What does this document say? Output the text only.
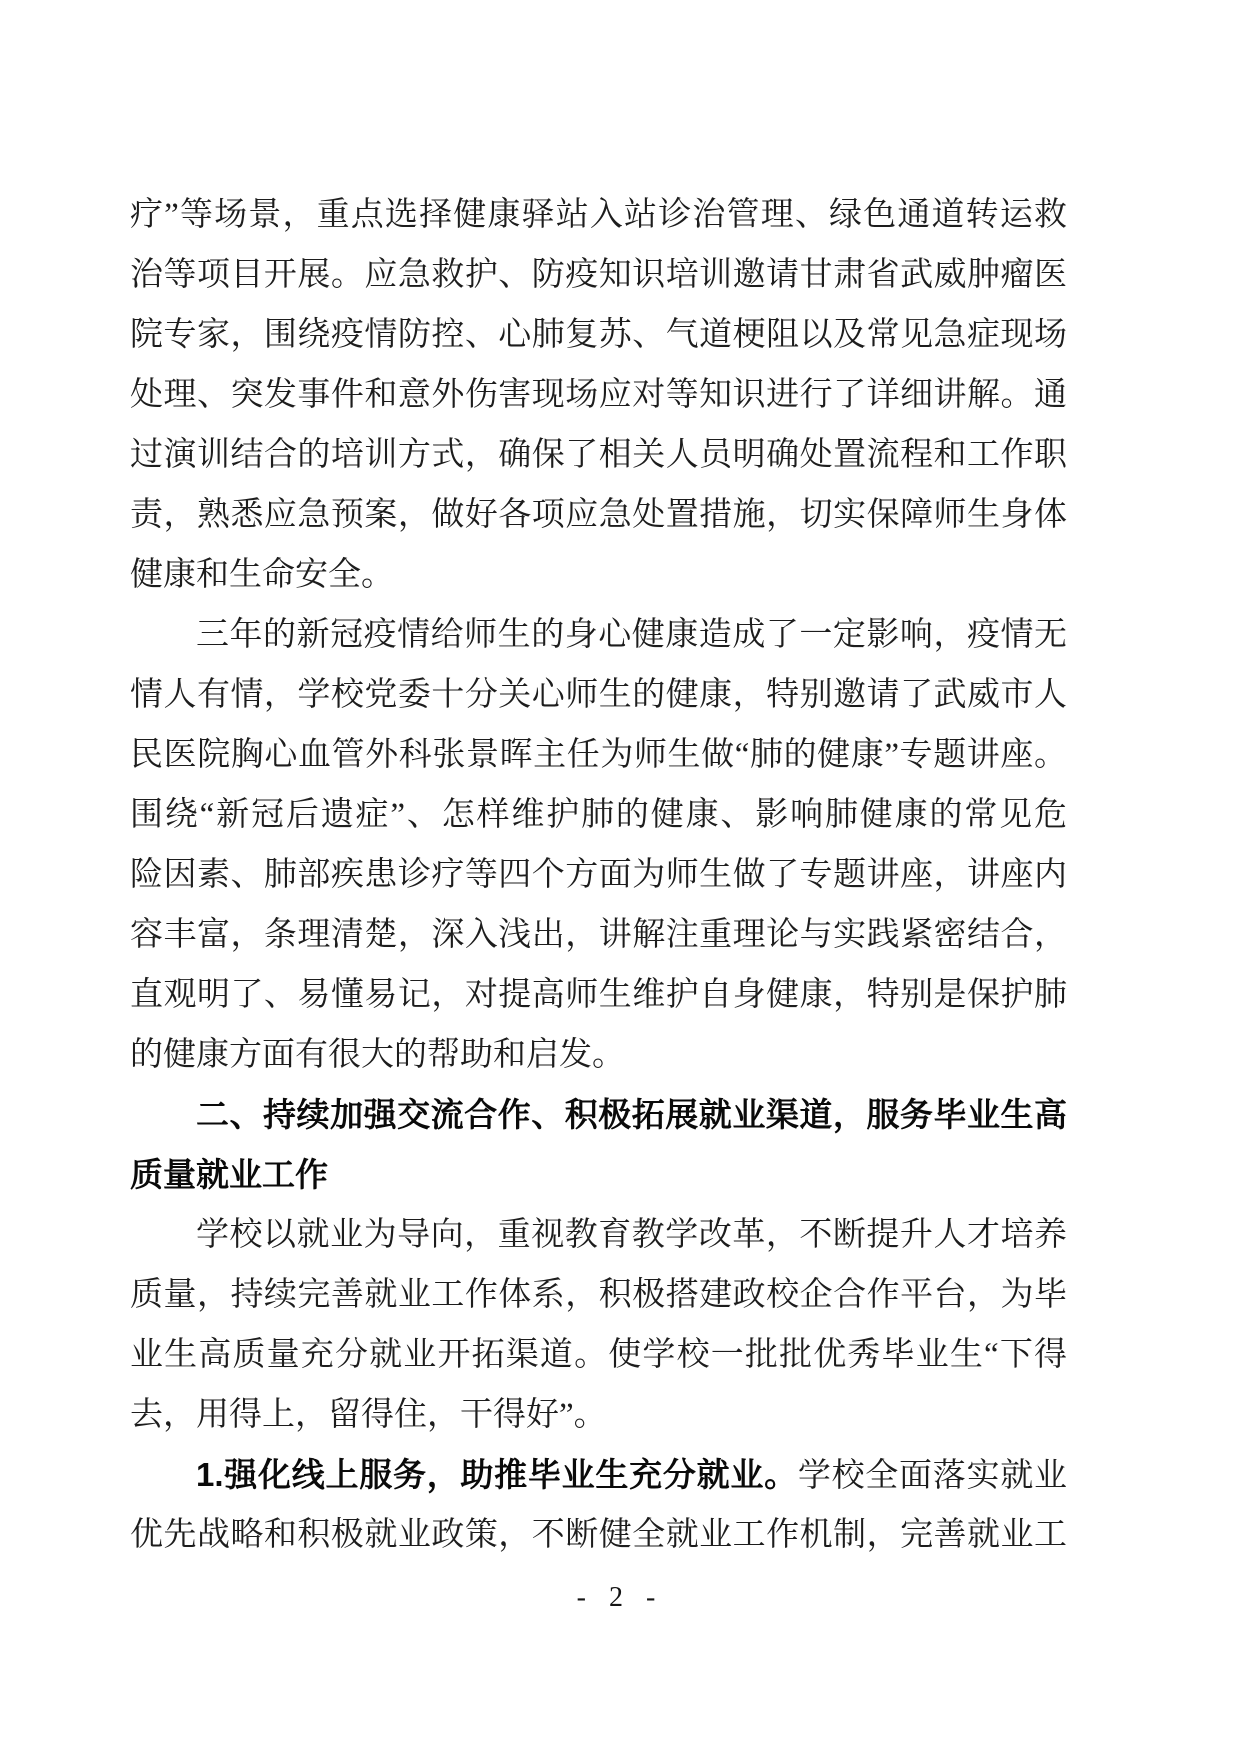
疗”等场景，重点选择健康驿站入站诊治管理、绿色通道转运救
治等项目开展。应急救护、防疫知识培训邀请甘肃省武威肿瘤医
院专家，围绕疫情防控、心肺复苏、气道梗阻以及常见急症现场
处理、突发事件和意外伤害现场应对等知识进行了详细讲解。通
过演训结合的培训方式，确保了相关人员明确处置流程和工作职
责，熟悉应急预案，做好各项应急处置措施，切实保障师生身体
健康和生命安全。
三年的新冠疫情给师生的身心健康造成了一定影响，疫情无
情人有情，学校党委十分关心师生的健康，特别邀请了武威市人
民医院胸心血管外科张景晖主任为师生做“肺的健康”专题讲座。
围绕“新冠后遗症”、怎样维护肺的健康、影响肺健康的常见危
险因素、肺部疾患诊疗等四个方面为师生做了专题讲座，讲座内
容丰富，条理清楚，深入浅出，讲解注重理论与实践紧密结合，
直观明了、易懂易记，对提高师生维护自身健康，特别是保护肺
的健康方面有很大的帮助和启发。
二、持续加强交流合作、积极拓展就业渠道，服务毕业生高
质量就业工作
学校以就业为导向，重视教育教学改革，不断提升人才培养
质量，持续完善就业工作体系，积极搭建政校企合作平台，为毕
业生高质量充分就业开拓渠道。使学校一批批优秀毕业生“下得
去，用得上，留得住，干得好”。
1.强化线上服务，助推毕业生充分就业。学校全面落实就业
优先战略和积极就业政策，不断健全就业工作机制，完善就业工
- 2 -
